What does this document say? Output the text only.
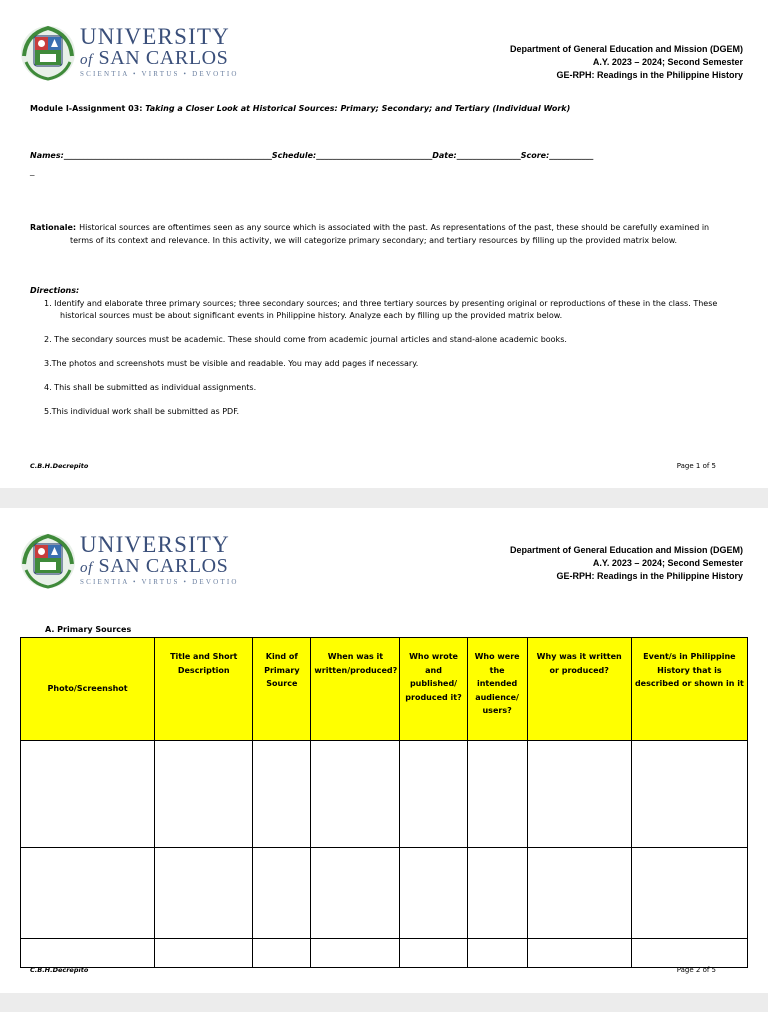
UNIVERSITY
of SAN CARLOS
SCIENTIA • VIRTUS • DEVOTIO
Department of General Education and Mission (DGEM)
A.Y. 2023 – 2024; Second Semester
GE-RPH: Readings in the Philippine History
Module I-Assignment 03: Taking a Closer Look at Historical Sources: Primary; Secondary; and Tertiary (Individual Work)
Names:____________________________________________________Schedule:_____________________________Date:________________Score:___________
_
Rationale: Historical sources are oftentimes seen as any source which is associated with the past. As representations of the past, these should be carefully examined in
terms of its context and relevance. In this activity, we will categorize primary secondary; and tertiary resources by filling up the provided matrix below.
Directions:
1. Identify and elaborate three primary sources; three secondary sources; and three tertiary sources by presenting original or reproductions of these in the class. These
historical sources must be about significant events in Philippine history. Analyze each by filling up the provided matrix below.
2. The secondary sources must be academic. These should come from academic journal articles and stand-alone academic books.
3.The photos and screenshots must be visible and readable. You may add pages if necessary.
4. This shall be submitted as individual assignments.
5.This individual work shall be submitted as PDF.
C.B.H.Decrepito	Page 1 of 5
UNIVERSITY
of SAN CARLOS
SCIENTIA • VIRTUS • DEVOTIO
Department of General Education and Mission (DGEM)
A.Y. 2023 – 2024; Second Semester
GE-RPH: Readings in the Philippine History
A. Primary Sources
Photo/Screenshot	Title and Short Description	Kind of Primary Source	When was it written/produced?	Who wrote and published/ produced it?	Who were the intended audience/ users?	Why was it written or produced?	Event/s in Philippine History that is described or shown in it

C.B.H.Decrepito	Page 2 of 5
